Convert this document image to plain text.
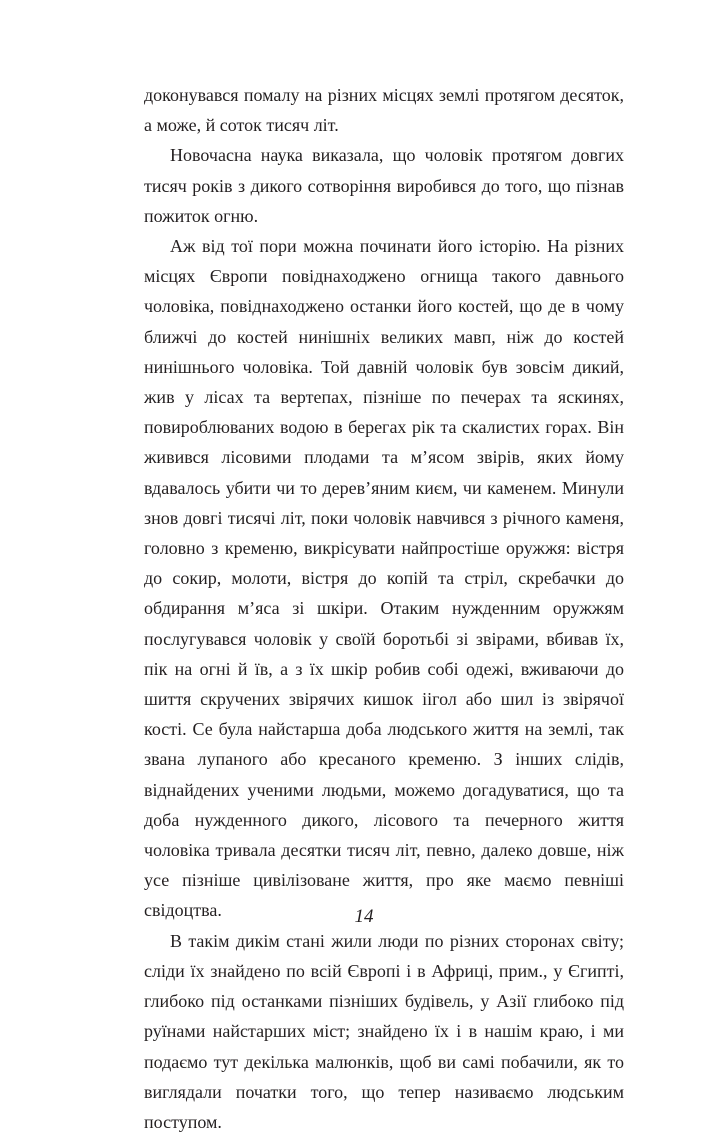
доконувався помалу на різних місцях землі протягом десяток, а може, й соток тисяч літ.

Новочасна наука виказала, що чоловік протягом довгих тисяч років з дикого сотворіння виробився до того, що пізнав пожиток огню.

Аж від тої пори можна починати його історію. На різних місцях Європи повіднаходжено огнища такого давнього чоловіка, повіднаходжено останки його костей, що де в чому ближчі до костей нинішніх великих мавп, ніж до костей нинішнього чоловіка. Той давній чоловік був зовсім дикий, жив у лісах та вертепах, пізніше по печерах та яскинях, повироблюваних водою в берегах рік та скалистих горах. Він живився лісовими плодами та м’ясом звірів, яких йому вдавалось убити чи то дерев’яним києм, чи каменем. Минули знов довгі тисячі літ, поки чоловік навчився з річного каменя, головно з кременю, викрісувати найпростіше оружжя: вістря до сокир, молоти, вістря до копій та стріл, скребачки до обдирання м’яса зі шкіри. Отаким нужденним оружжям послугувався чоловік у своїй боротьбі зі звірами, вбивав їх, пік на огні й їв, а з їх шкір робив собі одежі, вживаючи до шиття скручених звірячих кишок іігол або шил із звірячої кості. Се була найстарша доба людського життя на землі, так звана лупаного або кресаного кременю. З інших слідів, віднайдених ученими людьми, можемо догадуватися, що та доба нужденного дикого, лісового та печерного життя чоловіка тривала десятки тисяч літ, певно, далеко довше, ніж усе пізніше цивілізоване життя, про яке маємо певніші свідоцтва.

В такім дикім стані жили люди по різних сторонах світу; сліди їх знайдено по всій Європі і в Африці, прим., у Єгипті, глибоко під останками пізніших будівель, у Азії глибоко під руїнами найстарших міст; знайдено їх і в нашім краю, і ми подаємо тут декілька малюнків, щоб ви самі побачили, як то виглядали початки того, що тепер називаємо людським поступом.

14
